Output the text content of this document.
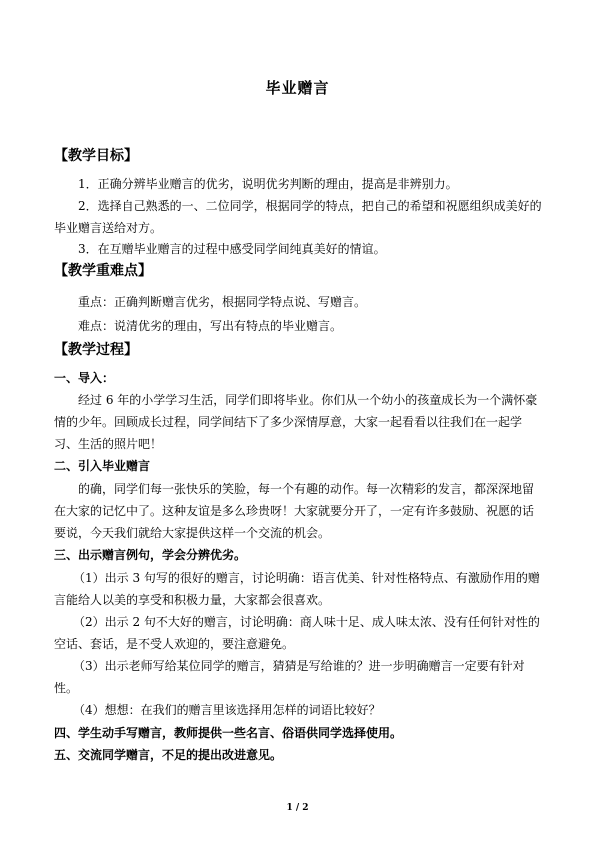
毕业赠言
【教学目标】
1．正确分辨毕业赠言的优劣，说明优劣判断的理由，提高是非辨别力。
2．选择自己熟悉的一、二位同学，根据同学的特点，把自己的希望和祝愿组织成美好的
毕业赠言送给对方。
3．在互赠毕业赠言的过程中感受同学间纯真美好的情谊。
【教学重难点】
重点：正确判断赠言优劣，根据同学特点说、写赠言。
难点：说清优劣的理由，写出有特点的毕业赠言。
【教学过程】
一、导入：
经过 6 年的小学学习生活，同学们即将毕业。你们从一个幼小的孩童成长为一个满怀豪
情的少年。回顾成长过程，同学间结下了多少深情厚意，大家一起看看以往我们在一起学
习、生活的照片吧！
二、引入毕业赠言
的确，同学们每一张快乐的笑脸，每一个有趣的动作。每一次精彩的发言，都深深地留
在大家的记忆中了。这种友谊是多么珍贵呀！大家就要分开了，一定有许多鼓励、祝愿的话
要说，今天我们就给大家提供这样一个交流的机会。
三、出示赠言例句，学会分辨优劣。
（1）出示 3 句写的很好的赠言，讨论明确：语言优美、针对性格特点、有激励作用的赠
言能给人以美的享受和积极力量，大家都会很喜欢。
（2）出示 2 句不大好的赠言，讨论明确：商人味十足、成人味太浓、没有任何针对性的
空话、套话，是不受人欢迎的，要注意避免。
（3）出示老师写给某位同学的赠言，猜猜是写给谁的？进一步明确赠言一定要有针对
性。
（4）想想：在我们的赠言里该选择用怎样的词语比较好？
四、学生动手写赠言，教师提供一些名言、俗语供同学选择使用。
五、交流同学赠言，不足的提出改进意见。
1 / 2
